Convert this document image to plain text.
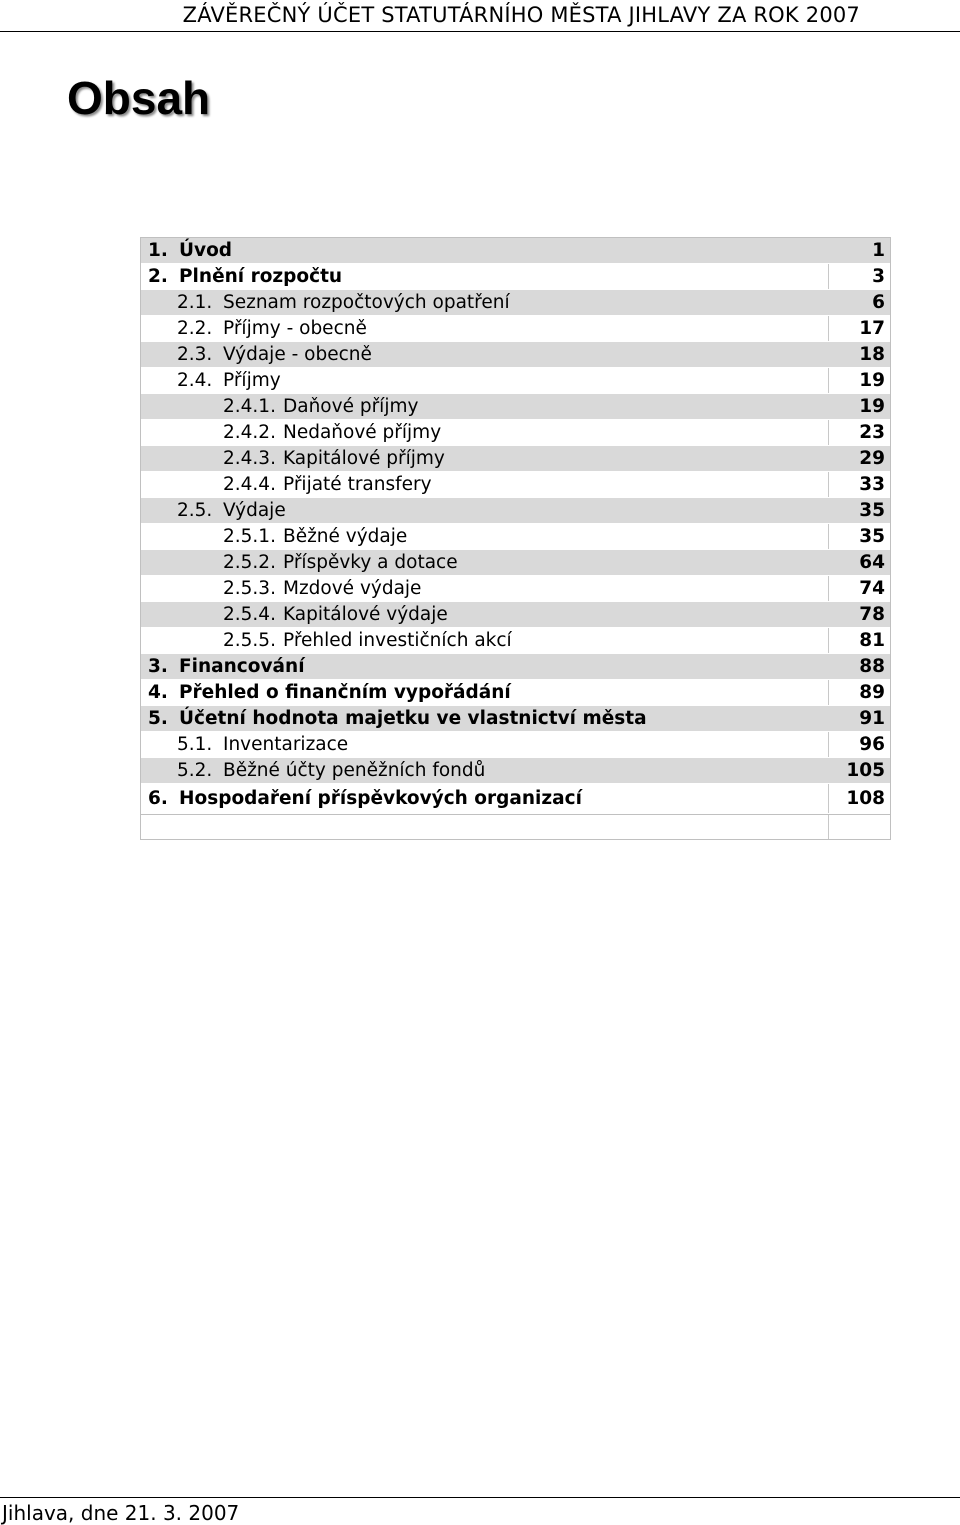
ZÁVĚREČNÝ ÚČET STATUTÁRNÍHO MĚSTA JIHLAVY ZA ROK 2007
Obsah
1. Úvod	1
2. Plnění rozpočtu	3
2.1. Seznam rozpočtových opatření	6
2.2. Příjmy - obecně	17
2.3. Výdaje - obecně	18
2.4. Příjmy	19
2.4.1. Daňové příjmy	19
2.4.2. Nedaňové příjmy	23
2.4.3. Kapitálové příjmy	29
2.4.4. Přijaté transfery	33
2.5. Výdaje	35
2.5.1. Běžné výdaje	35
2.5.2. Příspěvky a dotace	64
2.5.3. Mzdové výdaje	74
2.5.4. Kapitálové výdaje	78
2.5.5. Přehled investičních akcí	81
3. Financování	88
4. Přehled o finančním vypořádání	89
5. Účetní hodnota majetku ve vlastnictví města	91
5.1. Inventarizace	96
5.2. Běžné účty peněžních fondů	105
6. Hospodaření příspěvkových organizací	108
Jihlava, dne 21. 3. 2007
